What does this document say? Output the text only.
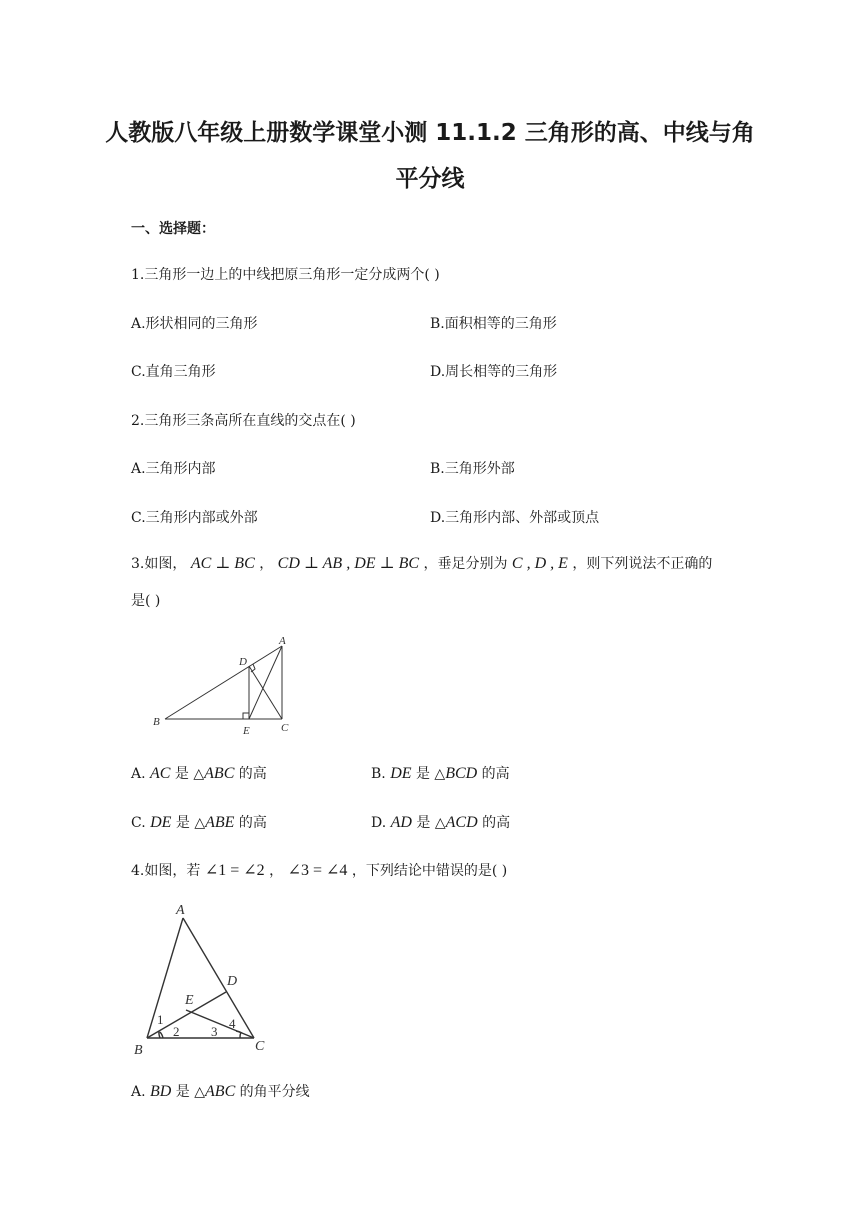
人教版八年级上册数学课堂小测 11.1.2 三角形的高、中线与角
平分线
一、选择题：
1.三角形一边上的中线把原三角形一定分成两个( )
A.形状相同的三角形	B.面积相等的三角形
C.直角三角形	D.周长相等的三角形
2.三角形三条高所在直线的交点在( )
A.三角形内部	B.三角形外部
C.三角形内部或外部	D.三角形内部、外部或顶点
3.如图， AC ⊥ BC ， CD ⊥ AB , DE ⊥ BC ，垂足分别为 C , D , E ，则下列说法不正确的
是( )
A
B	C
D
E
A. AC 是 △ABC 的高	B. DE 是 △BCD 的高
C. DE 是 △ABE 的高	D. AD 是 △ACD 的高
4.如图，若 ∠1 = ∠2 ， ∠3 = ∠4 ，下列结论中错误的是( )
A
B	C
D
E
1
2 3
4
A. BD 是 △ABC 的角平分线
